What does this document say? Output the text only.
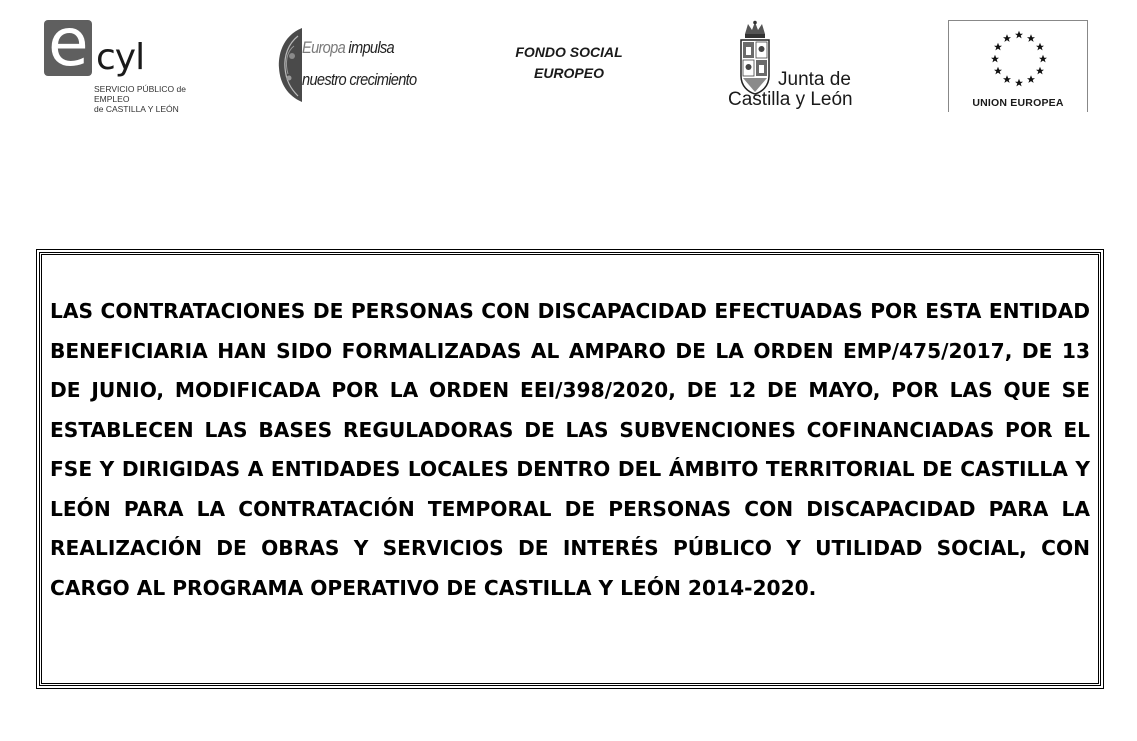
e cyl
SERVICIO PÚBLICO de EMPLEO
de CASTILLA Y LEÓN
Europa impulsa
nuestro crecimiento
FONDO SOCIAL
EUROPEO	Junta de
Castilla y León	UNION EUROPEA

LAS CONTRATACIONES DE PERSONAS CON DISCAPACIDAD EFECTUADAS POR ESTA ENTIDAD BENEFICIARIA HAN SIDO FORMALIZADAS AL AMPARO DE LA ORDEN EMP/475/2017, DE 13 DE JUNIO, MODIFICADA POR LA ORDEN EEI/398/2020, DE 12 DE MAYO, POR LAS QUE SE ESTABLECEN LAS BASES REGULADORAS DE LAS SUBVENCIONES COFINANCIADAS POR EL FSE Y DIRIGIDAS A ENTIDADES LOCALES DENTRO DEL ÁMBITO TERRITORIAL DE CASTILLA Y LEÓN PARA LA CONTRATACIÓN TEMPORAL DE PERSONAS CON DISCAPACIDAD PARA LA REALIZACIÓN DE OBRAS Y SERVICIOS DE INTERÉS PÚBLICO Y UTILIDAD SOCIAL, CON CARGO AL PROGRAMA OPERATIVO DE CASTILLA Y LEÓN 2014-2020.
